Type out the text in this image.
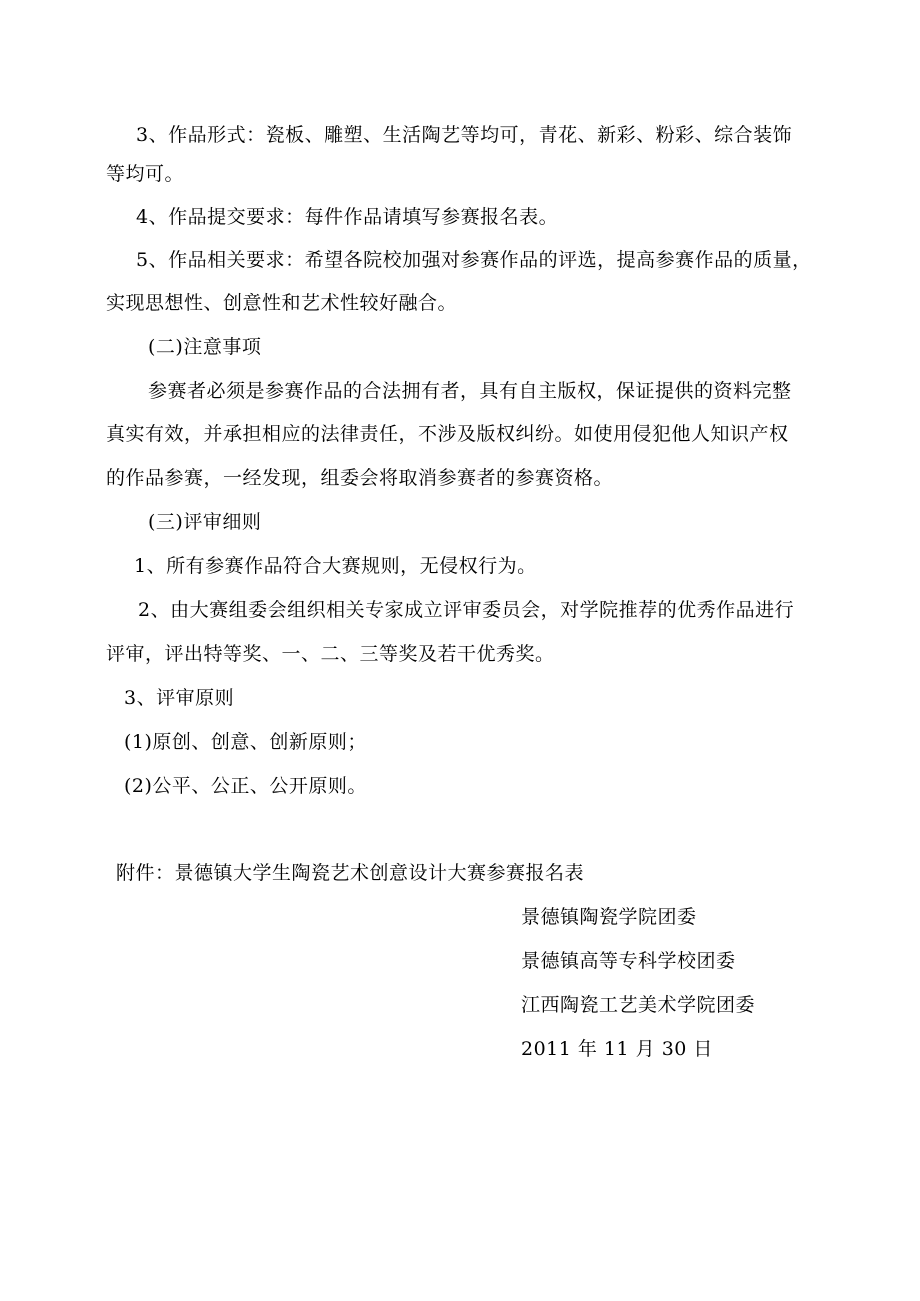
3、作品形式：瓷板、雕塑、生活陶艺等均可，青花、新彩、粉彩、综合装饰
等均可。
4、作品提交要求：每件作品请填写参赛报名表。
5、作品相关要求：希望各院校加强对参赛作品的评选，提高参赛作品的质量，
实现思想性、创意性和艺术性较好融合。
(二)注意事项
参赛者必须是参赛作品的合法拥有者，具有自主版权，保证提供的资料完整
真实有效，并承担相应的法律责任，不涉及版权纠纷。如使用侵犯他人知识产权
的作品参赛，一经发现，组委会将取消参赛者的参赛资格。
(三)评审细则
1、所有参赛作品符合大赛规则，无侵权行为。
2、由大赛组委会组织相关专家成立评审委员会，对学院推荐的优秀作品进行
评审，评出特等奖、一、二、三等奖及若干优秀奖。
3、评审原则
(1)原创、创意、创新原则；
(2)公平、公正、公开原则。
附件：景德镇大学生陶瓷艺术创意设计大赛参赛报名表
景德镇陶瓷学院团委
景德镇高等专科学校团委
江西陶瓷工艺美术学院团委
2011 年 11 月 30 日
